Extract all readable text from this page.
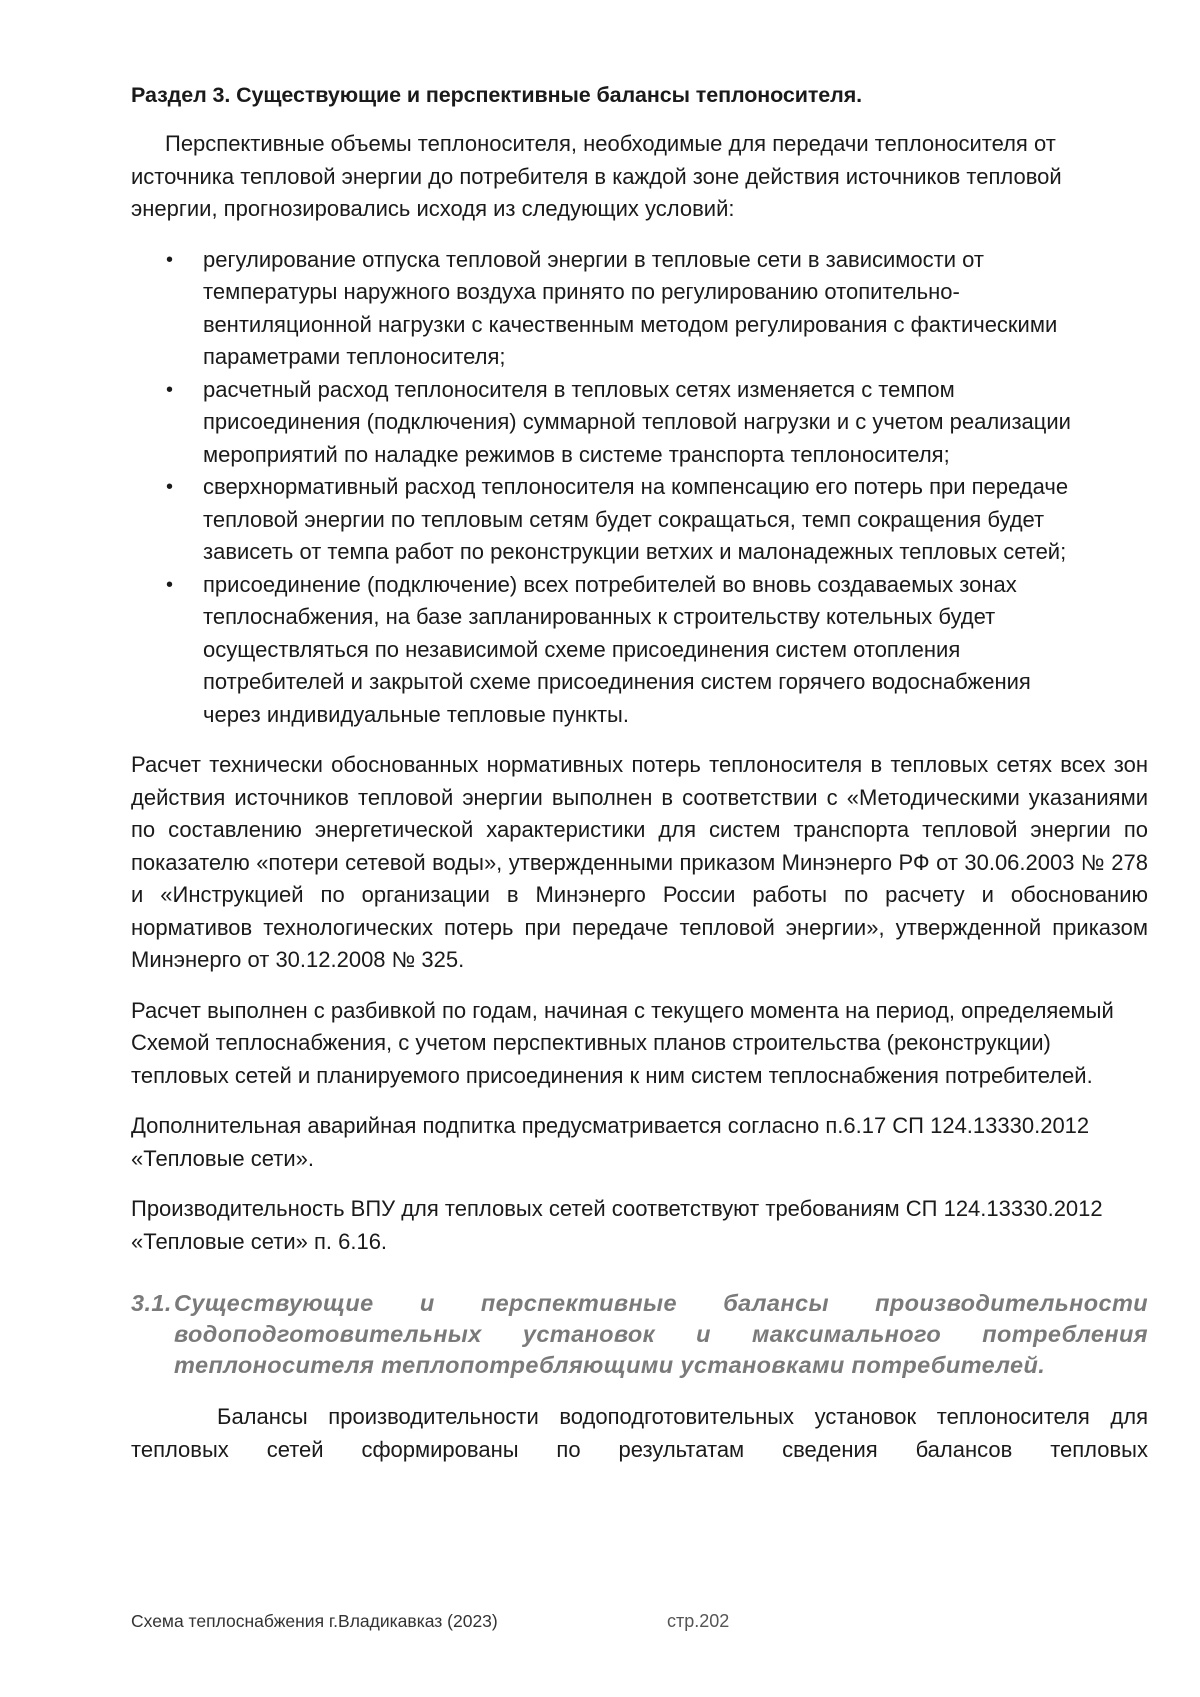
Раздел 3. Существующие и перспективные балансы теплоносителя.

Перспективные объемы теплоносителя, необходимые для передачи теплоносителя от источника тепловой энергии до потребителя в каждой зоне действия источников тепловой энергии, прогнозировались исходя из следующих условий:

• регулирование отпуска тепловой энергии в тепловые сети в зависимости от температуры наружного воздуха принято по регулированию отопительно-вентиляционной нагрузки с качественным методом регулирования с фактическими параметрами теплоносителя;
• расчетный расход теплоносителя в тепловых сетях изменяется с темпом присоединения (подключения) суммарной тепловой нагрузки и с учетом реализации мероприятий по наладке режимов в системе транспорта теплоносителя;
• сверхнормативный расход теплоносителя на компенсацию его потерь при передаче тепловой энергии по тепловым сетям будет сокращаться, темп сокращения будет зависеть от темпа работ по реконструкции ветхих и малонадежных тепловых сетей;
• присоединение (подключение) всех потребителей во вновь создаваемых зонах теплоснабжения, на базе запланированных к строительству котельных будет осуществляться по независимой схеме присоединения систем отопления потребителей и закрытой схеме присоединения систем горячего водоснабжения через индивидуальные тепловые пункты.

Расчет технически обоснованных нормативных потерь теплоносителя в тепловых сетях всех зон действия источников тепловой энергии выполнен в соответствии с «Методическими указаниями по составлению энергетической характеристики для систем транспорта тепловой энергии по показателю «потери сетевой воды», утвержденными приказом Минэнерго РФ от 30.06.2003 № 278 и «Инструкцией по организации в Минэнерго России работы по расчету и обоснованию нормативов технологических потерь при передаче тепловой энергии», утвержденной приказом Минэнерго от 30.12.2008 № 325.

Расчет выполнен с разбивкой по годам, начиная с текущего момента на период, определяемый Схемой теплоснабжения, с учетом перспективных планов строительства (реконструкции) тепловых сетей и планируемого присоединения к ним систем теплоснабжения потребителей.

Дополнительная аварийная подпитка предусматривается согласно п.6.17 СП 124.13330.2012 «Тепловые сети».

Производительность ВПУ для тепловых сетей соответствуют требованиям СП 124.13330.2012 «Тепловые сети» п. 6.16.

3.1.Существующие и перспективные балансы производительности водоподготовительных установок и максимального потребления теплоносителя теплопотребляющими установками потребителей.

Балансы производительности водоподготовительных установок теплоносителя для тепловых сетей сформированы по результатам сведения балансов тепловых

Схема теплоснабжения г.Владикавказ (2023)	стр.202
